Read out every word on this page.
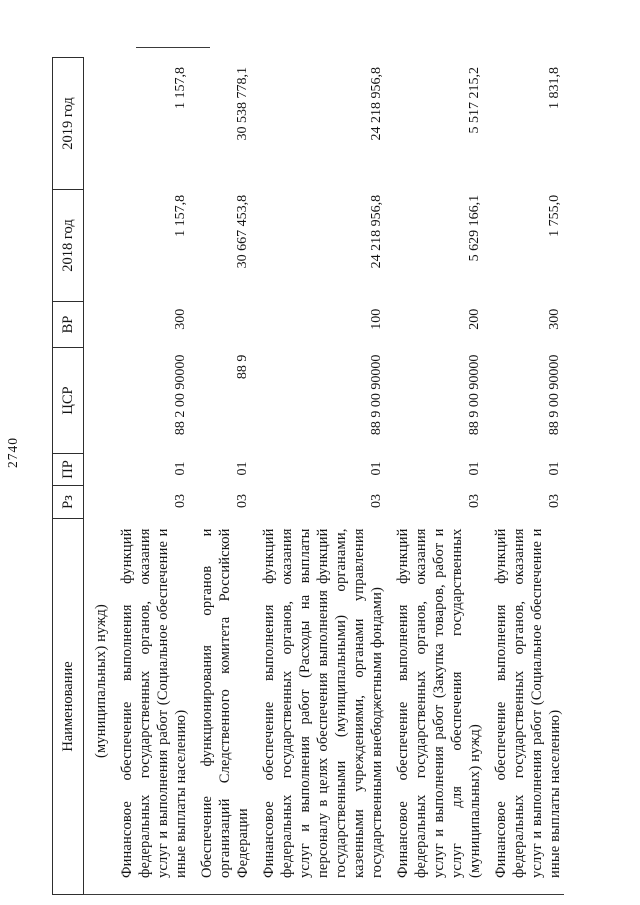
2740
Наименование
Рз
ПР
ЦСР
ВР
2018 год
2019 год
(муниципальных) нужд) Финансовое обеспечение выполнения функций федеральных государственных органов, оказания услуг и выполнения работ (Социальное обеспечение и иные выплаты населению)
03
01
88 2 00 90000
300
1 157,8
1 157,8
Обеспечение функционирования органов и организаций Следственного комитета Российской Федерации
03
01
88 9
30 667 453,8
30 538 778,1
Финансовое обеспечение выполнения функций федеральных государственных органов, оказания услуг и выполнения работ (Расходы на выплаты персоналу в целях обеспечения выполнения функций государственными (муниципальными) органами, казенными учреждениями, органами управления государственными внебюджетными фондами)
03
01
88 9 00 90000
100
24 218 956,8
24 218 956,8
Финансовое обеспечение выполнения функций федеральных государственных органов, оказания услуг и выполнения работ (Закупка товаров, работ и услуг для обеспечения государственных (муниципальных) нужд)
03
01
88 9 00 90000
200
5 629 166,1
5 517 215,2
Финансовое обеспечение выполнения функций федеральных государственных органов, оказания услуг и выполнения работ (Социальное обеспечение и иные выплаты населению)
03
01
88 9 00 90000
300
1 755,0
1 831,8
